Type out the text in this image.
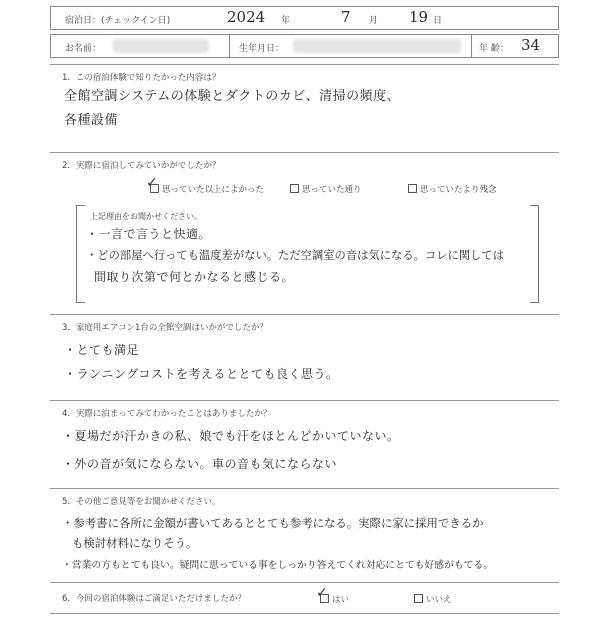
宿泊日：(チェックイン日)	2024 年	7 月 19 日
お名前：	生年月日：	年 齢： 34
1．この宿泊体験で知りたかった内容は？
全館空調システムの体験とダクトのカビ、清掃の頻度、
各種設備
2．実際に宿泊してみていかがでしたか？
思っていた以上によかった
✓	思っていた通り	思っていたより残念
上記理由をお聞かせください。
・一言で言うと快適。
・どの部屋へ行っても温度差がない。ただ空調室の音は気になる。コレに関しては
間取り次第で何とかなると感じる。
3．家庭用エアコン1台の全館空調はいかがでしたか？
・とても満足
・ランニングコストを考えるととても良く思う。
4．実際に泊まってみてわかったことはありましたか？
・夏場だが汗かきの私、娘でも汗をほとんどかいていない。
・外の音が気にならない。車の音も気にならない
5．その他ご意見等をお聞かせください。
・参考書に各所に金額が書いてあるととても参考になる。実際に家に採用できるか
も検討材料になりそう。
・営業の方もとても良い。疑問に思っている事をしっかり答えてくれ対応にとても好感がもてる。
6．今回の宿泊体験はご満足いただけましたか？	はい
✓	いいえ
